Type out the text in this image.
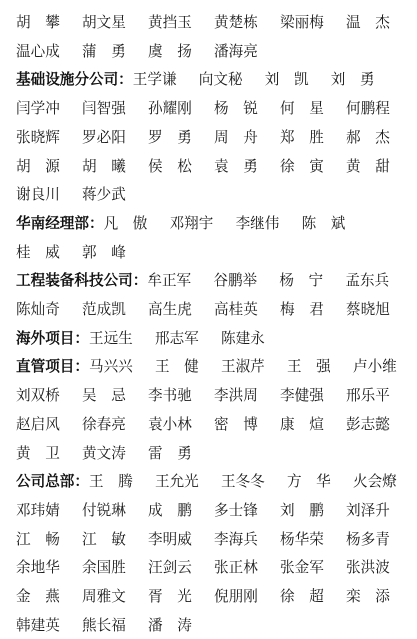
胡　攀 胡文星 黄挡玉 黄楚栋 梁丽梅 温　杰
温心成 蒲　勇 虞　扬 潘海亮
基础设施分公司：王学谦 向文秘 刘　凯 刘　勇
闫学冲 闫智强 孙耀刚 杨　锐 何　星 何鹏程
张晓辉 罗必阳 罗　勇 周　舟 郑　胜 郝　杰
胡　源 胡　曦 侯　松 袁　勇 徐　寅 黄　甜
谢良川 蒋少武
华南经理部：凡　傲 邓翔宇 李继伟 陈　斌
桂　威 郭　峰
工程装备科技公司：牟正军 谷鹏举 杨　宁 孟东兵
陈灿奇 范成凯 高生虎 高桂英 梅　君 蔡晓旭
海外项目：王远生 邢志军 陈建永
直管项目：马兴兴 王　健 王淑芹 王　强 卢小维
刘双桥 吴　忌 李书驰 李洪周 李健强 邢乐平
赵启风 徐春亮 袁小林 密　博 康　煊 彭志懿
黄　卫 黄文涛 雷　勇
公司总部：王　腾 王允光 王冬冬 方　华 火会燎
邓玮婧 付锐琳 成　鹏 多士锋 刘　鹏 刘泽升
江　畅 江　敏 李明威 李海兵 杨华荣 杨多青
余地华 余国胜 汪剑云 张正林 张金军 张洪波
金　燕 周雅文 胥　光 倪朋刚 徐　超 栾　添
韩建英 熊长福 潘　涛
